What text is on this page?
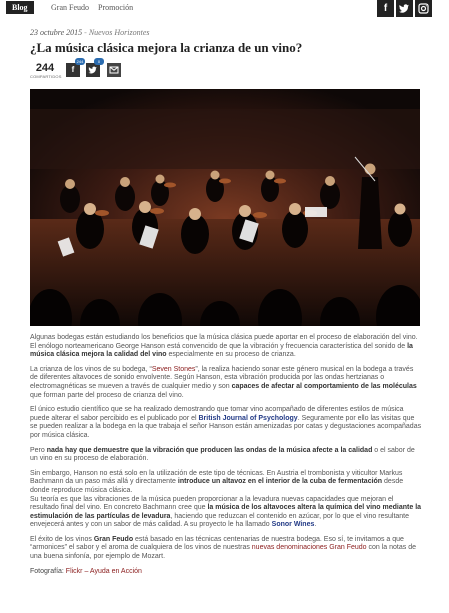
Blog	Gran Feudo Promoción	f
23 octubre 2015 - Nuevos Horizontes
¿La música clásica mejora la crianza de un vino?
244
COMPARTIDOS
f
244	0

Algunas bodegas están estudiando los beneficios que la música clásica puede aportar en el proceso de elaboración del vino. El enólogo norteamericano George Hanson está convencido de que la vibración y frecuencia característica del sonido de la música clásica mejora la calidad del vino especialmente en su proceso de crianza.

La crianza de los vinos de su bodega, “Seven Stones”, la realiza haciendo sonar este género musical en la bodega a través de diferentes altavoces de sonido envolvente. Según Hanson, esta vibración producida por las ondas hertzianas o electromagnéticas se mueven a través de cualquier medio y son capaces de afectar al comportamiento de las moléculas que forman parte del proceso de crianza del vino.

El único estudio científico que se ha realizado demostrando que tomar vino acompañado de diferentes estilos de música puede alterar el sabor percibido es el publicado por el British Journal of Psychology. Seguramente por ello las visitas que se pueden realizar a la bodega en la que trabaja el señor Hanson están amenizadas por catas y degustaciones acompañadas por música clásica.

Pero nada hay que demuestre que la vibración que producen las ondas de la música afecte a la calidad o el sabor de un vino en su proceso de elaboración.

Sin embargo, Hanson no está solo en la utilización de este tipo de técnicas. En Austria el trombonista y viticultor Markus Bachmann da un paso más allá y directamente introduce un altavoz en el interior de la cuba de fermentación desde donde reproduce música clásica.
Su teoría es que las vibraciones de la música pueden proporcionar a la levadura nuevas capacidades que mejoran el resultado final del vino. En concreto Bachmann cree que la música de los altavoces altera la química del vino mediante la estimulación de las partículas de levadura, haciendo que reduzcan el contenido en azúcar, por lo que el vino resultante envejecerá antes y con un sabor de más calidad. A su proyecto le ha llamado Sonor Wines.

El éxito de los vinos Gran Feudo está basado en las técnicas centenarias de nuestra bodega. Eso sí, te invitamos a que “armonices” el sabor y el aroma de cualquiera de los vinos de nuestras nuevas denominaciones Gran Feudo con la notas de una buena sinfonía, por ejemplo de Mozart.

Fotografía: Flickr – Ayuda en Acción
